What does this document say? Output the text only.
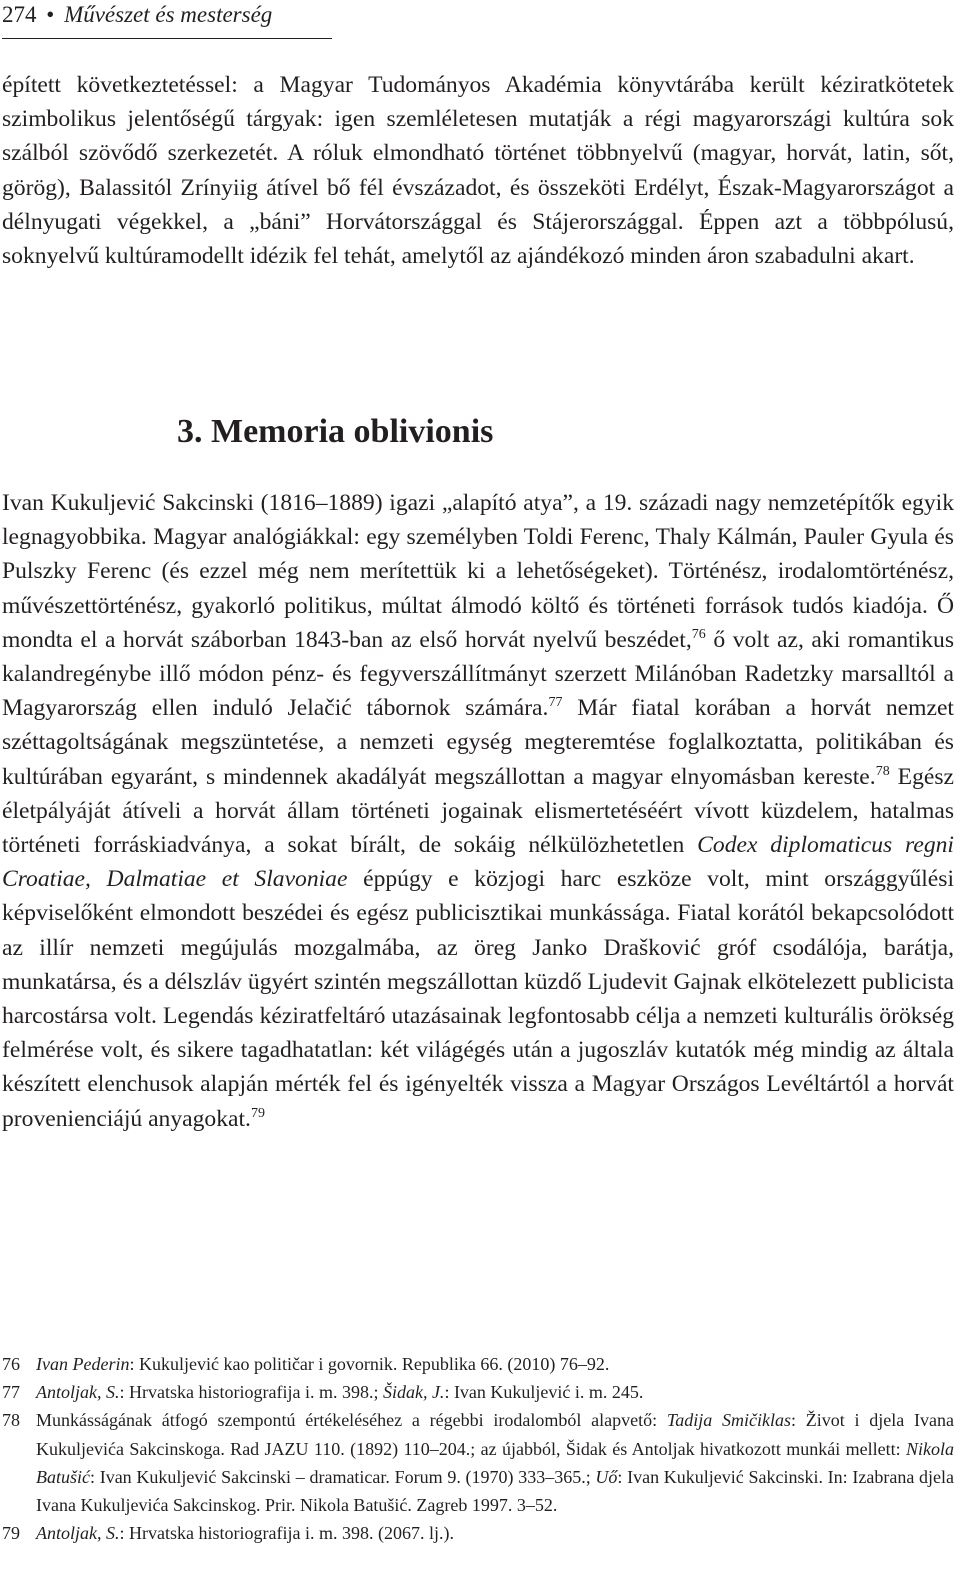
274 • Művészet és mesterség

épített következtetéssel: a Magyar Tudományos Akadémia könyvtárába került kéziratkötetek szimbolikus jelentőségű tárgyak: igen szemléletesen mutatják a régi magyarországi kultúra sok szálból szövődő szerkezetét. A róluk elmondható történet többnyelvű (magyar, horvát, latin, sőt, görög), Balassitól Zrínyiig átível bő fél évszázadot, és összeköti Erdélyt, Észak-Magyarországot a délnyugati végekkel, a „báni” Horvátországgal és Stájerországgal. Éppen azt a többpólusú, soknyelvű kultúramodellt idézik fel tehát, amelytől az ajándékozó minden áron szabadulni akart.

3. Memoria oblivionis

Ivan Kukuljević Sakcinski (1816–1889) igazi „alapító atya”, a 19. századi nagy nemzetépítők egyik legnagyobbika. Magyar analógiákkal: egy személyben Toldi Ferenc, Thaly Kálmán, Pauler Gyula és Pulszky Ferenc (és ezzel még nem merítettük ki a lehetőségeket). Történész, irodalomtörténész, művészettörténész, gyakorló politikus, múltat álmodó költő és történeti források tudós kiadója. Ő mondta el a horvát száborban 1843-ban az első horvát nyelvű beszédet,$^{76}$ ő volt az, aki romantikus kalandregénybe illő módon pénz- és fegyverszállítmányt szerzett Milánóban Radetzky marsalltól a Magyarország ellen induló Jelačić tábornok számára.$^{77}$ Már fiatal korában a horvát nemzet széttagoltságának megszüntetése, a nemzeti egység megteremtése foglalkoztatta, politikában és kultúrában egyaránt, s mindennek akadályát megszállottan a magyar elnyomásban kereste.$^{78}$ Egész életpályáját átíveli a horvát állam történeti jogainak elismertetéséért vívott küzdelem, hatalmas történeti forráskiadványa, a sokat bírált, de sokáig nélkülözhetetlen Codex diplomaticus regni Croatiae, Dalmatiae et Slavoniae éppúgy e közjogi harc eszköze volt, mint országgyűlési képviselőként elmondott beszédei és egész publicisztikai munkássága. Fiatal korától bekapcsolódott az illír nemzeti megújulás mozgalmába, az öreg Janko Drašković gróf csodálója, barátja, munkatársa, és a délszláv ügyért szintén megszállottan küzdő Ljudevit Gajnak elkötelezett publicista harcostársa volt. Legendás kéziratfeltáró utazásainak legfontosabb célja a nemzeti kulturális örökség felmérése volt, és sikere tagadhatatlan: két világégés után a jugoszláv kutatók még mindig az általa készített elenchusok alapján mérték fel és igényelték vissza a Magyar Országos Levéltártól a horvát provenienciájú anyagokat.$^{79}$

76 Ivan Pederin: Kukuljević kao političar i govornik. Republika 66. (2010) 76–92.
77 Antoljak, S.: Hrvatska historiografija i. m. 398.; Šidak, J.: Ivan Kukuljević i. m. 245.
78 Munkásságának átfogó szempontú értékeléséhez a régebbi irodalomból alapvető: Tadija Smičiklas: Život i djela Ivana Kukuljevića Sakcinskoga. Rad JAZU 110. (1892) 110–204.; az újabból, Šidak és Antoljak hivatkozott munkái mellett: Nikola Batušić: Ivan Kukuljević Sakcinski – dramaticar. Forum 9. (1970) 333–365.; Uő: Ivan Kukuljević Sakcinski. In: Izabrana djela Ivana Kukuljevića Sakcinskog. Prir. Nikola Batušić. Zagreb 1997. 3–52.
79 Antoljak, S.: Hrvatska historiografija i. m. 398. (2067. lj.).
